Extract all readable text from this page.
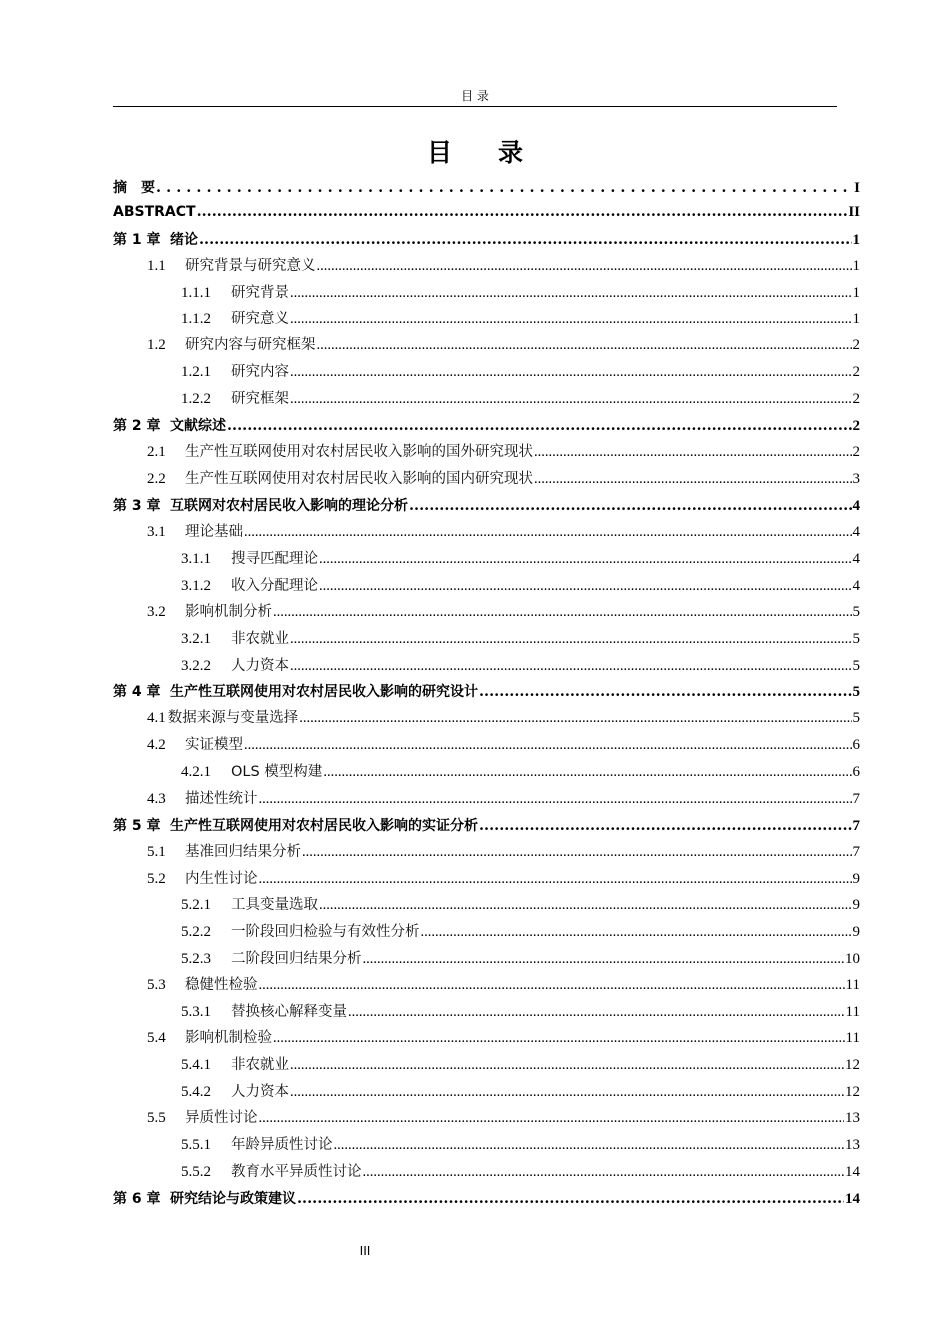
目 录
目 录
摘　要 . . .	I
ABSTRACT .....	II
第 1 章 绪论 .....	1
1.1	研究背景与研究意义 .....	1
1.1.1	研究背景 .....	1
1.1.2	研究意义 .....	1
1.2	研究内容与研究框架 .....	2
1.2.1	研究内容 .....	2
1.2.2	研究框架 .....	2
第 2 章 文献综述 .....	2
2.1	生产性互联网使用对农村居民收入影响的国外研究现状 .....	2
2.2	生产性互联网使用对农村居民收入影响的国内研究现状 .....	3
第 3 章 互联网对农村居民收入影响的理论分析 .....	4
3.1	理论基础 .....	4
3.1.1	搜寻匹配理论 .....	4
3.1.2	收入分配理论 .....	4
3.2	影响机制分析 .....	5
3.2.1	非农就业 .....	5
3.2.2	人力资本 .....	5
第 4 章 生产性互联网使用对农村居民收入影响的研究设计 .....	5
4.1 数据来源与变量选择 .....	5
4.2	实证模型 .....	6
4.2.1	OLS 模型构建 .....	6
4.3	描述性统计 .....	7
第 5 章 生产性互联网使用对农村居民收入影响的实证分析 .....	7
5.1	基准回归结果分析 .....	7
5.2	内生性讨论 .....	9
5.2.1	工具变量选取 .....	9
5.2.2	一阶段回归检验与有效性分析 .....	9
5.2.3	二阶段回归结果分析 .....	10
5.3	稳健性检验 .....	11
5.3.1	替换核心解释变量 .....	11
5.4	影响机制检验 .....	11
5.4.1	非农就业 .....	12
5.4.2	人力资本 .....	12
5.5	异质性讨论 .....	13
5.5.1	年龄异质性讨论 .....	13
5.5.2	教育水平异质性讨论 .....	14
第 6 章 研究结论与政策建议 .....	14
III
